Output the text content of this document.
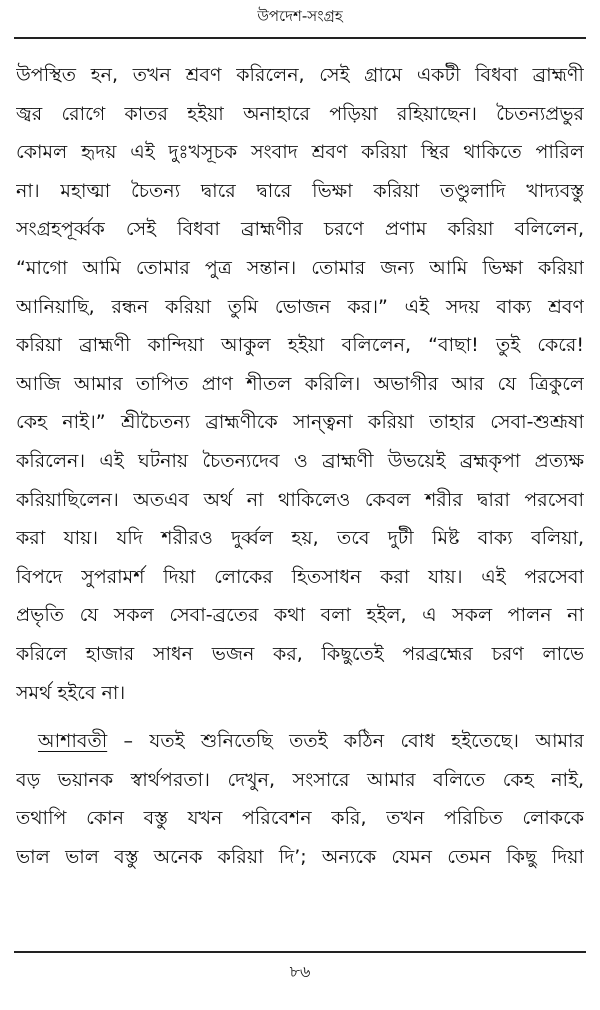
উপদেশ-সংগ্রহ
উপস্থিত হন, তখন শ্রবণ করিলেন, সেই গ্রামে একটী বিধবা ব্রাহ্মণী
জ্বর রোগে কাতর হইয়া অনাহারে পড়িয়া রহিয়াছেন। চৈতন্যপ্রভুর
কোমল হৃদয় এই দুঃখসূচক সংবাদ শ্রবণ করিয়া স্থির থাকিতে পারিল
না। মহাত্মা চৈতন্য দ্বারে দ্বারে ভিক্ষা করিয়া তণ্ডুলাদি খাদ্যবস্তু
সংগ্রহপূর্ব্বক সেই বিধবা ব্রাহ্মণীর চরণে প্রণাম করিয়া বলিলেন,
“মাগো আমি তোমার পুত্র সন্তান। তোমার জন্য আমি ভিক্ষা করিয়া
আনিয়াছি, রন্ধন করিয়া তুমি ভোজন কর।” এই সদয় বাক্য শ্রবণ
করিয়া ব্রাহ্মণী কান্দিয়া আকুল হইয়া বলিলেন, “বাছা! তুই কেরে!
আজি আমার তাপিত প্রাণ শীতল করিলি। অভাগীর আর যে ত্রিকুলে
কেহ নাই।” শ্রীচৈতন্য ব্রাহ্মণীকে সান্ত্বনা করিয়া তাহার সেবা-শুশ্রূষা
করিলেন। এই ঘটনায় চৈতন্যদেব ও ব্রাহ্মণী উভয়েই ব্রহ্মকৃপা প্রত্যক্ষ
করিয়াছিলেন। অতএব অর্থ না থাকিলেও কেবল শরীর দ্বারা পরসেবা
করা যায়। যদি শরীরও দুর্ব্বল হয়, তবে দুটী মিষ্ট বাক্য বলিয়া,
বিপদে সুপরামর্শ দিয়া লোকের হিতসাধন করা যায়। এই পরসেবা
প্রভৃতি যে সকল সেবা-ব্রতের কথা বলা হইল, এ সকল পালন না
করিলে হাজার সাধন ভজন কর, কিছুতেই পরব্রহ্মের চরণ লাভে
সমর্থ হইবে না।
আশাবতী – যতই শুনিতেছি ততই কঠিন বোধ হইতেছে। আমার
বড় ভয়ানক স্বার্থপরতা। দেখুন, সংসারে আমার বলিতে কেহ নাই,
তথাপি কোন বস্তু যখন পরিবেশন করি, তখন পরিচিত লোককে
ভাল ভাল বস্তু অনেক করিয়া দি’; অন্যকে যেমন তেমন কিছু দিয়া
৮৬
